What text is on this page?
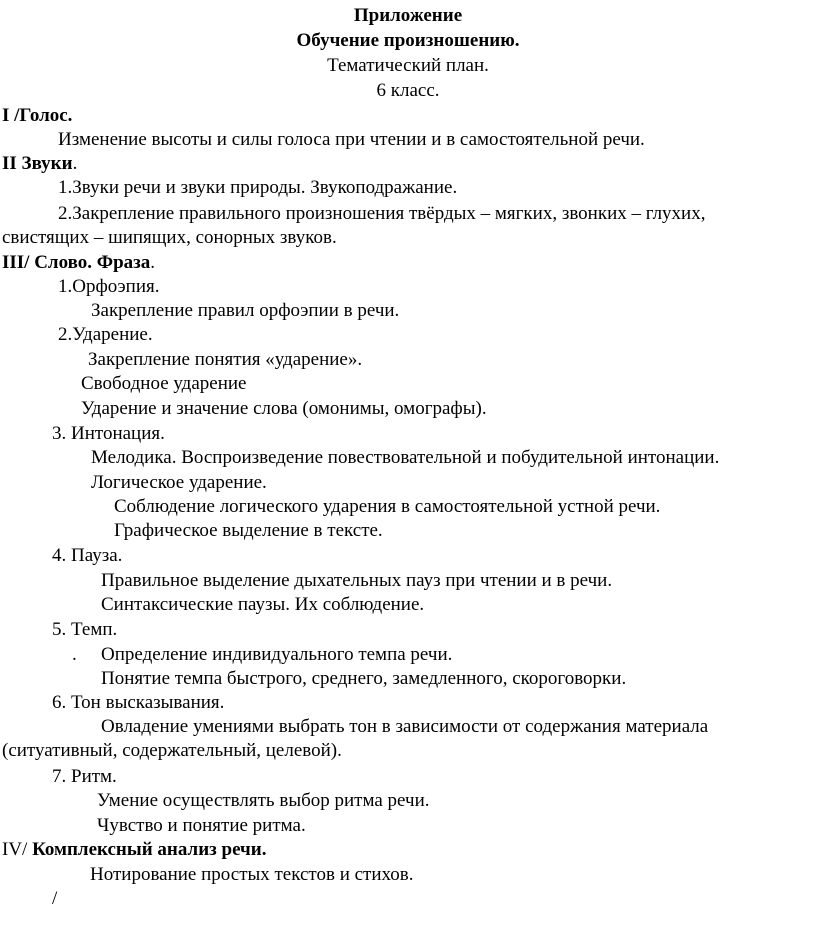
Приложение
Обучение произношению.
Тематический план.
6 класс.
I /Голос.
Изменение высоты и силы голоса при чтении и в самостоятельной речи.
II Звуки.
1.Звуки речи и звуки природы. Звукоподражание.
2.Закрепление правильного произношения твёрдых – мягких, звонких – глухих,
свистящих – шипящих, сонорных звуков.
III/ Слово. Фраза.
1.Орфоэпия.
Закрепление правил орфоэпии в речи.
2.Ударение.
Закрепление понятия «ударение».
Свободное ударение
Ударение и значение слова (омонимы, омографы).
3. Интонация.
Мелодика. Воспроизведение повествовательной и побудительной интонации.
Логическое ударение.
Соблюдение логического ударения в самостоятельной устной речи.
Графическое выделение в тексте.
4. Пауза.
Правильное выделение дыхательных пауз при чтении и в речи.
Синтаксические паузы. Их соблюдение.
5. Темп.
. Определение индивидуального темпа речи.
Понятие темпа быстрого, среднего, замедленного, скороговорки.
6. Тон высказывания.
Овладение умениями выбрать тон в зависимости от содержания материала
(ситуативный, содержательный, целевой).
7. Ритм.
Умение осуществлять выбор ритма речи.
Чувство и понятие ритма.
IV/ Комплексный анализ речи.
Нотирование простых текстов и стихов.
/
